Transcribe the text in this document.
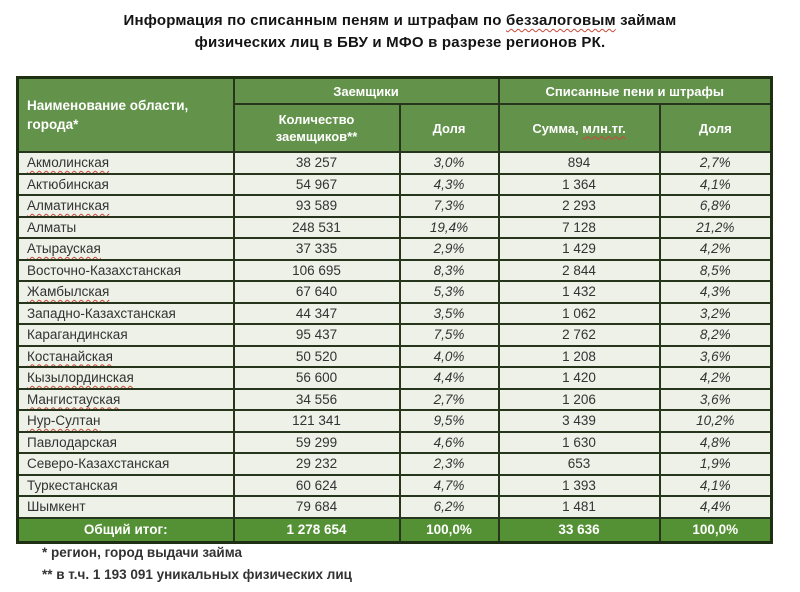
Информация по списанным пеням и штрафам по беззалоговым займам физических лиц в БВУ и МФО в разрезе регионов РК.
Наименование области, города*	Заемщики		Списанные пени и штрафы	
	Количество заемщиков**	Доля	Сумма, млн.тг.	Доля
Акмолинская	38 257	3,0%	894	2,7%
Актюбинская	54 967	4,3%	1 364	4,1%
Алматинская	93 589	7,3%	2 293	6,8%
Алматы	248 531	19,4%	7 128	21,2%
Атырауская	37 335	2,9%	1 429	4,2%
Восточно-Казахстанская	106 695	8,3%	2 844	8,5%
Жамбылская	67 640	5,3%	1 432	4,3%
Западно-Казахстанская	44 347	3,5%	1 062	3,2%
Карагандинская	95 437	7,5%	2 762	8,2%
Костанайская	50 520	4,0%	1 208	3,6%
Кызылординская	56 600	4,4%	1 420	4,2%
Мангистауская	34 556	2,7%	1 206	3,6%
Нур-Султан	121 341	9,5%	3 439	10,2%
Павлодарская	59 299	4,6%	1 630	4,8%
Северо-Казахстанская	29 232	2,3%	653	1,9%
Туркестанская	60 624	4,7%	1 393	4,1%
Шымкент	79 684	6,2%	1 481	4,4%
Общий итог:	1 278 654	100,0%	33 636	100,0%
* регион, город выдачи займа
** в т.ч. 1 193 091 уникальных физических лиц
